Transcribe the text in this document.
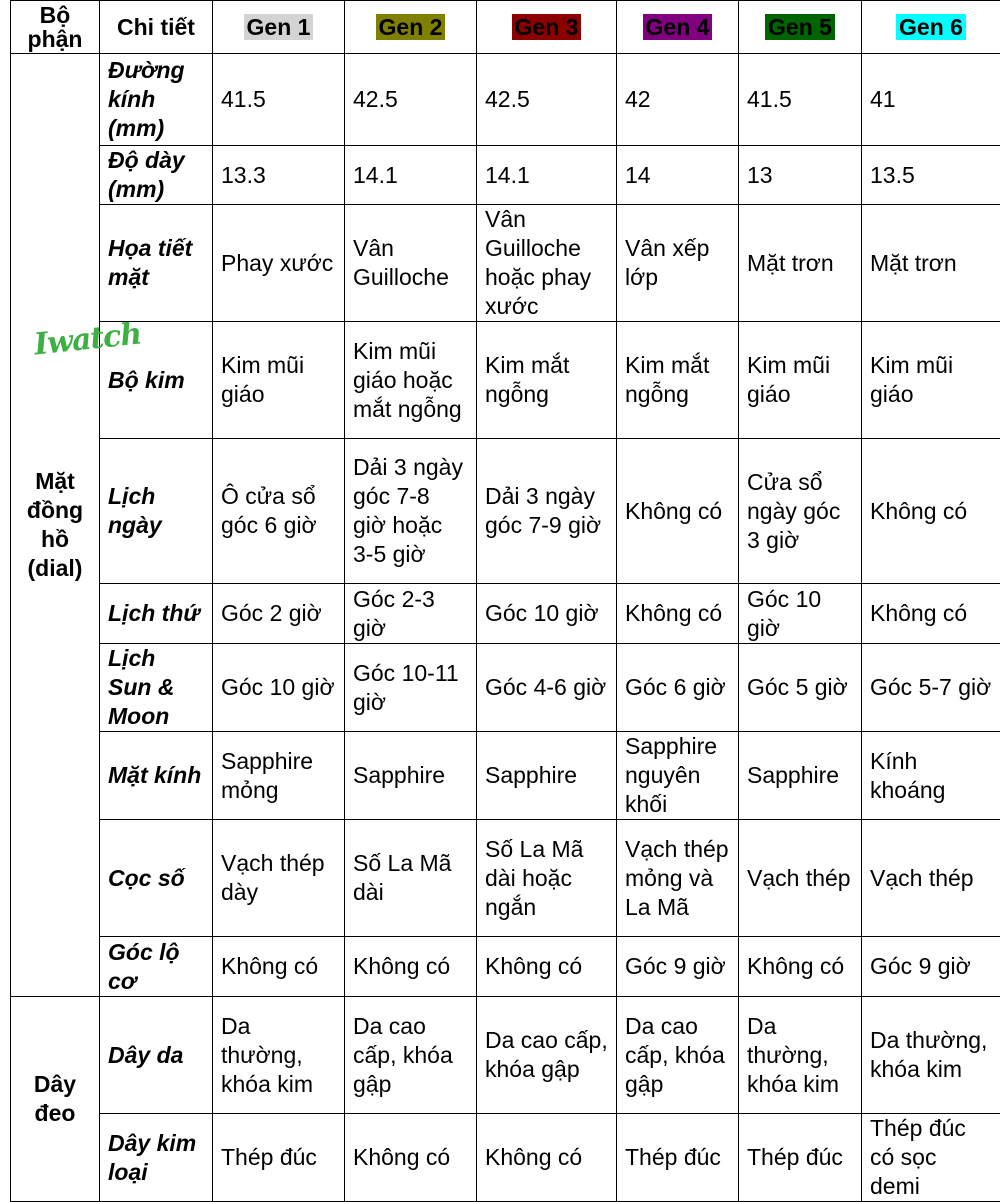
Bộ phận	Chi tiết	Gen 1	Gen 2	Gen 3	Gen 4	Gen 5	Gen 6
Mặt đồng hồ (dial)	Đường kính (mm)	41.5	42.5	42.5	42	41.5	41
	Độ dày (mm)	13.3	14.1	14.1	14	13	13.5
	Họa tiết mặt	Phay xước	Vân Guilloche	Vân Guilloche hoặc phay xước	Vân xếp lớp	Mặt trơn	Mặt trơn
	Bộ kim	Kim mũi giáo	Kim mũi giáo hoặc mắt ngỗng	Kim mắt ngỗng	Kim mắt ngỗng	Kim mũi giáo	Kim mũi giáo
	Lịch ngày	Ô cửa sổ góc 6 giờ	Dải 3 ngày góc 7-8 giờ hoặc 3-5 giờ	Dải 3 ngày góc 7-9 giờ	Không có	Cửa sổ ngày góc 3 giờ	Không có
	Lịch thứ	Góc 2 giờ	Góc 2-3 giờ	Góc 10 giờ	Không có	Góc 10 giờ	Không có
	Lịch Sun & Moon	Góc 10 giờ	Góc 10-11 giờ	Góc 4-6 giờ	Góc 6 giờ	Góc 5 giờ	Góc 5-7 giờ
	Mặt kính	Sapphire mỏng	Sapphire	Sapphire	Sapphire nguyên khối	Sapphire	Kính khoáng
	Cọc số	Vạch thép dày	Số La Mã dài	Số La Mã dài hoặc ngắn	Vạch thép mỏng và La Mã	Vạch thép	Vạch thép
	Góc lộ cơ	Không có	Không có	Không có	Góc 9 giờ	Không có	Góc 9 giờ
Dây đeo	Dây da	Da thường, khóa kim	Da cao cấp, khóa gập	Da cao cấp, khóa gập	Da cao cấp, khóa gập	Da thường, khóa kim	Da thường, khóa kim
	Dây kim loại	Thép đúc	Không có	Không có	Thép đúc	Thép đúc	Thép đúc có sọc demi
Iwatch
